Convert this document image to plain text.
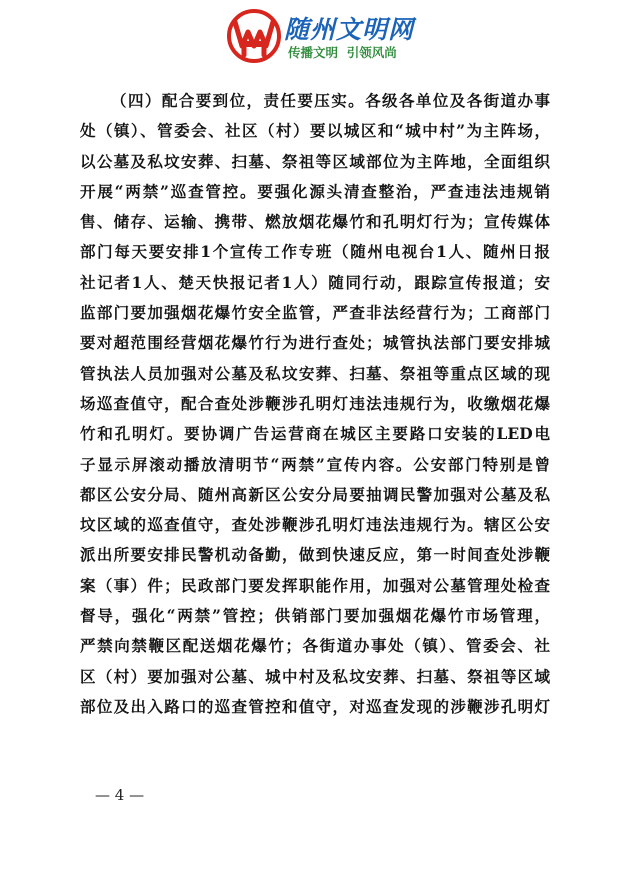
随州文明网
传播文明  引领风尚
（四）配合要到位，责任要压实。各级各单位及各街道办事
处（镇）、管委会、社区（村）要以城区和“城中村”为主阵场，
以公墓及私坟安葬、扫墓、祭祖等区域部位为主阵地，全面组织
开展“两禁”巡查管控。要强化源头清查整治，严查违法违规销
售、储存、运输、携带、燃放烟花爆竹和孔明灯行为；宣传媒体
部门每天要安排1个宣传工作专班（随州电视台1人、随州日报
社记者1人、楚天快报记者1人）随同行动，跟踪宣传报道；安
监部门要加强烟花爆竹安全监管，严查非法经营行为；工商部门
要对超范围经营烟花爆竹行为进行查处；城管执法部门要安排城
管执法人员加强对公墓及私坟安葬、扫墓、祭祖等重点区域的现
场巡查值守，配合查处涉鞭涉孔明灯违法违规行为，收缴烟花爆
竹和孔明灯。要协调广告运营商在城区主要路口安装的LED电
子显示屏滚动播放清明节“两禁”宣传内容。公安部门特别是曾
都区公安分局、随州高新区公安分局要抽调民警加强对公墓及私
坟区域的巡查值守，查处涉鞭涉孔明灯违法违规行为。辖区公安
派出所要安排民警机动备勤，做到快速反应，第一时间查处涉鞭
案（事）件；民政部门要发挥职能作用，加强对公墓管理处检查
督导，强化“两禁”管控；供销部门要加强烟花爆竹市场管理，
严禁向禁鞭区配送烟花爆竹；各街道办事处（镇）、管委会、社
区（村）要加强对公墓、城中村及私坟安葬、扫墓、祭祖等区域
部位及出入路口的巡查管控和值守，对巡查发现的涉鞭涉孔明灯
— 4 —
